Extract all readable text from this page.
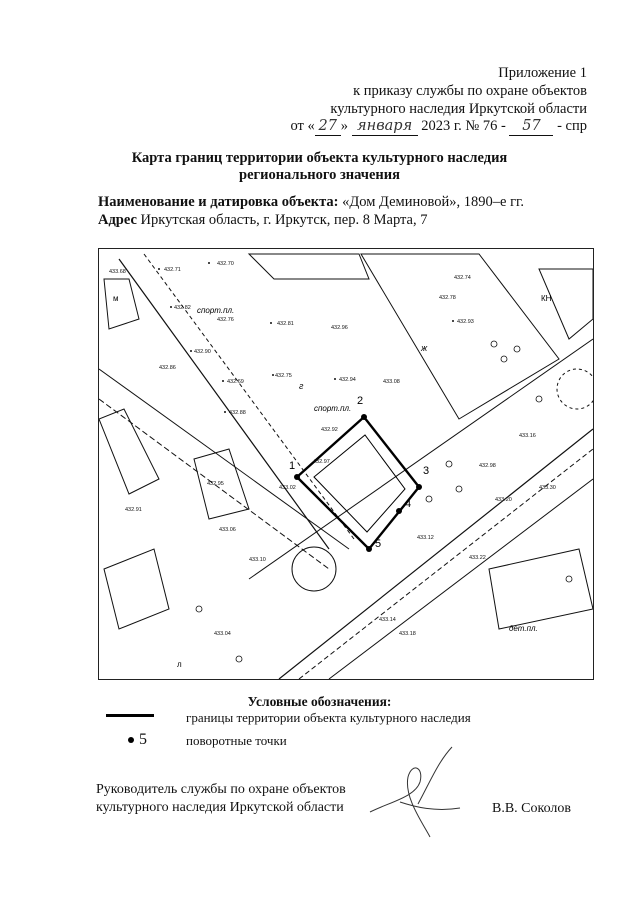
Приложение 1
к приказу службы по охране объектов
культурного наследия Иркутской области
от « 27 » января 2023 г. № 76 - 57 - спр
Карта границ территории объекта культурного наследия
регионального значения
Наименование и датировка объекта: «Дом Деминовой», 1890–е гг.
Адрес Иркутская область, г. Иркутск, пер. 8 Марта, 7
1
2
3
4
5
спорт.пл.
спорт.пл.
дет.пл.
г
ж
КН
м
л
433.68	432.71
432.70
432.74
432.78
432.82
432.76
432.81
432.96
432.93
432.90
432.69
432.75
432.94	433.08
432.88
432.92
432.97
433.02
433.06
432.98
432.95
433.10
433.18
433.20
433.22
433.14
433.30
432.86
432.91
433.04
433.12
433.16
Условные обозначения:
границы территории объекта культурного наследия
5	поворотные точки
Руководитель службы по охране объектов
культурного наследия Иркутской области	В.В. Соколов
